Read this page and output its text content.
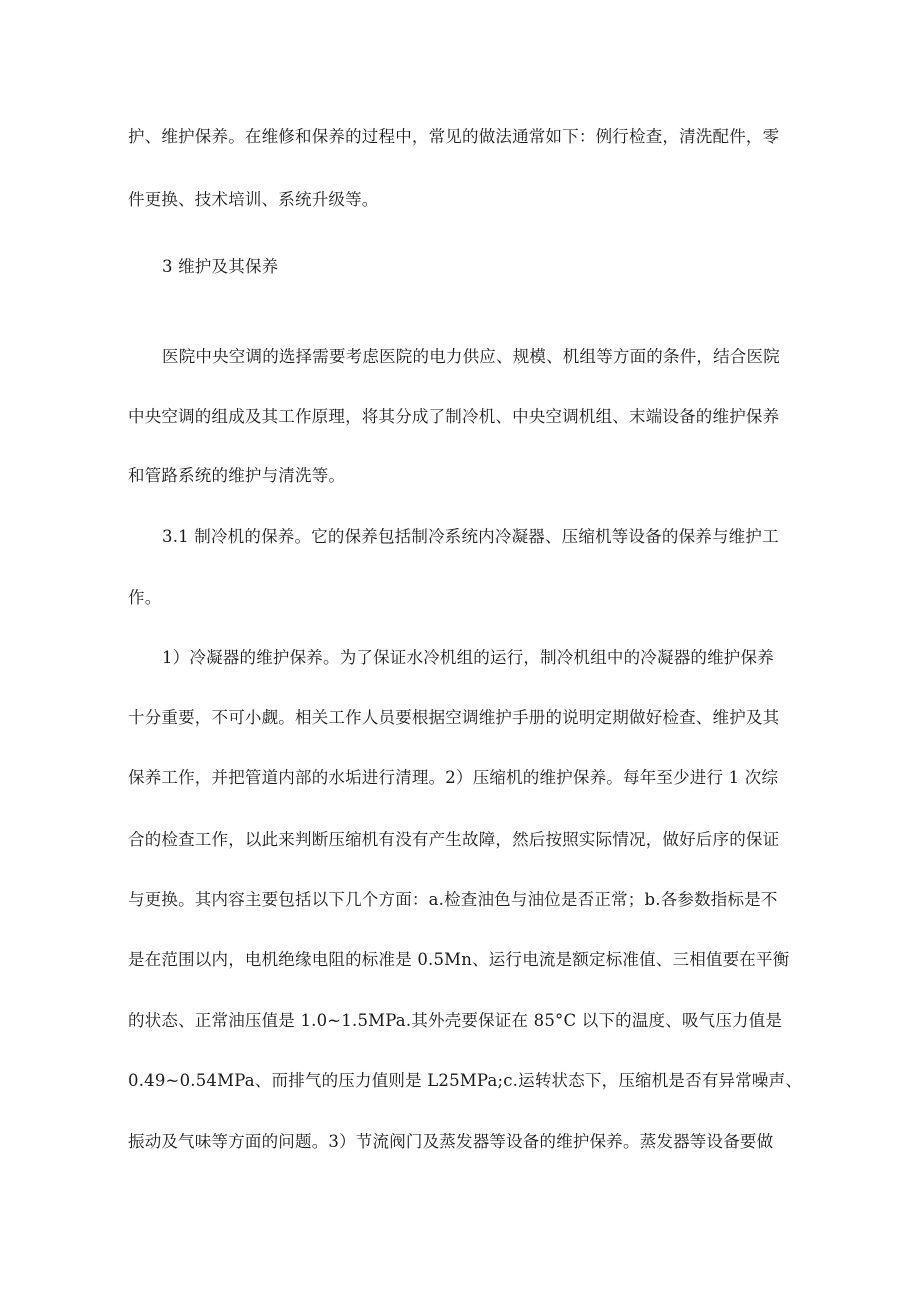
护、维护保养。在维修和保养的过程中，常见的做法通常如下：例行检查，清洗配件，零
件更换、技术培训、系统升级等。
3 维护及其保养
医院中央空调的选择需要考虑医院的电力供应、规模、机组等方面的条件，结合医院
中央空调的组成及其工作原理，将其分成了制冷机、中央空调机组、末端设备的维护保养
和管路系统的维护与清洗等。
3.1 制冷机的保养。它的保养包括制冷系统内冷凝器、压缩机等设备的保养与维护工
作。
1）冷凝器的维护保养。为了保证水冷机组的运行，制冷机组中的冷凝器的维护保养
十分重要，不可小觑。相关工作人员要根据空调维护手册的说明定期做好检查、维护及其
保养工作，并把管道内部的水垢进行清理。2）压缩机的维护保养。每年至少进行 1 次综
合的检查工作，以此来判断压缩机有没有产生故障，然后按照实际情况，做好后序的保证
与更换。其内容主要包括以下几个方面：a.检查油色与油位是否正常；b.各参数指标是不
是在范围以内，电机绝缘电阻的标准是 0.5Mn、运行电流是额定标准值、三相值要在平衡
的状态、正常油压值是 1.0~1.5MPa.其外壳要保证在 85°C 以下的温度、吸气压力值是
0.49~0.54MPa、而排气的压力值则是 L25MPa;c.运转状态下，压缩机是否有异常噪声、
振动及气味等方面的问题。3）节流阀门及蒸发器等设备的维护保养。蒸发器等设备要做
